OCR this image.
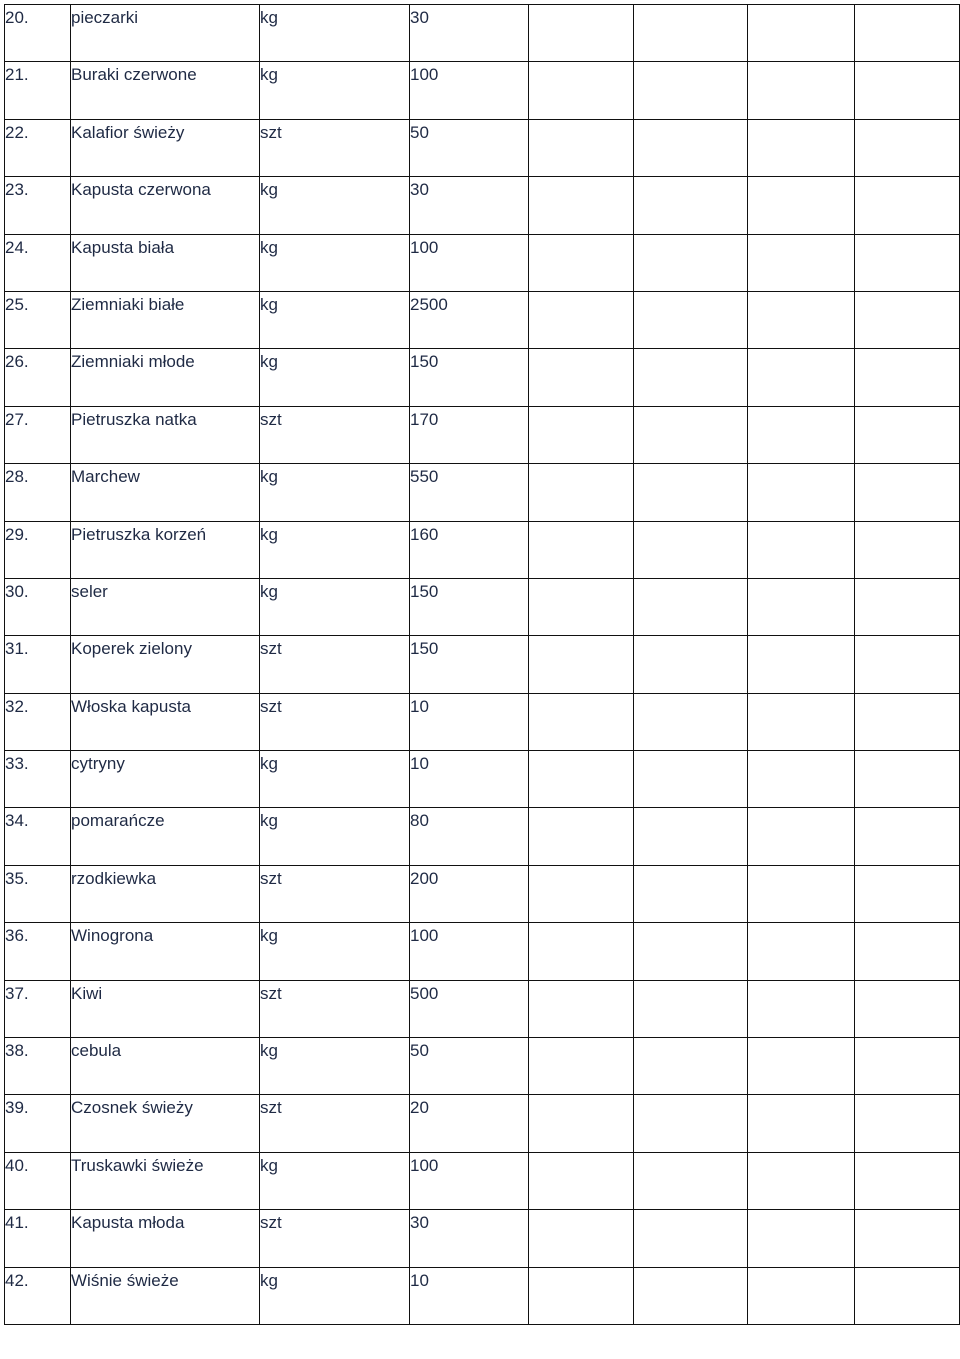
20.	pieczarki	kg	30				
21.	Buraki czerwone	kg	100				
22.	Kalafior świeży	szt	50				
23.	Kapusta czerwona	kg	30				
24.	Kapusta biała	kg	100				
25.	Ziemniaki białe	kg	2500				
26.	Ziemniaki młode	kg	150				
27.	Pietruszka natka	szt	170				
28.	Marchew	kg	550				
29.	Pietruszka korzeń	kg	160				
30.	seler	kg	150				
31.	Koperek zielony	szt	150				
32.	Włoska kapusta	szt	10				
33.	cytryny	kg	10				
34.	pomarańcze	kg	80				
35.	rzodkiewka	szt	200				
36.	Winogrona	kg	100				
37.	Kiwi	szt	500				
38.	cebula	kg	50				
39.	Czosnek świeży	szt	20				
40.	Truskawki świeże	kg	100				
41.	Kapusta młoda	szt	30				
42.	Wiśnie świeże	kg	10				
